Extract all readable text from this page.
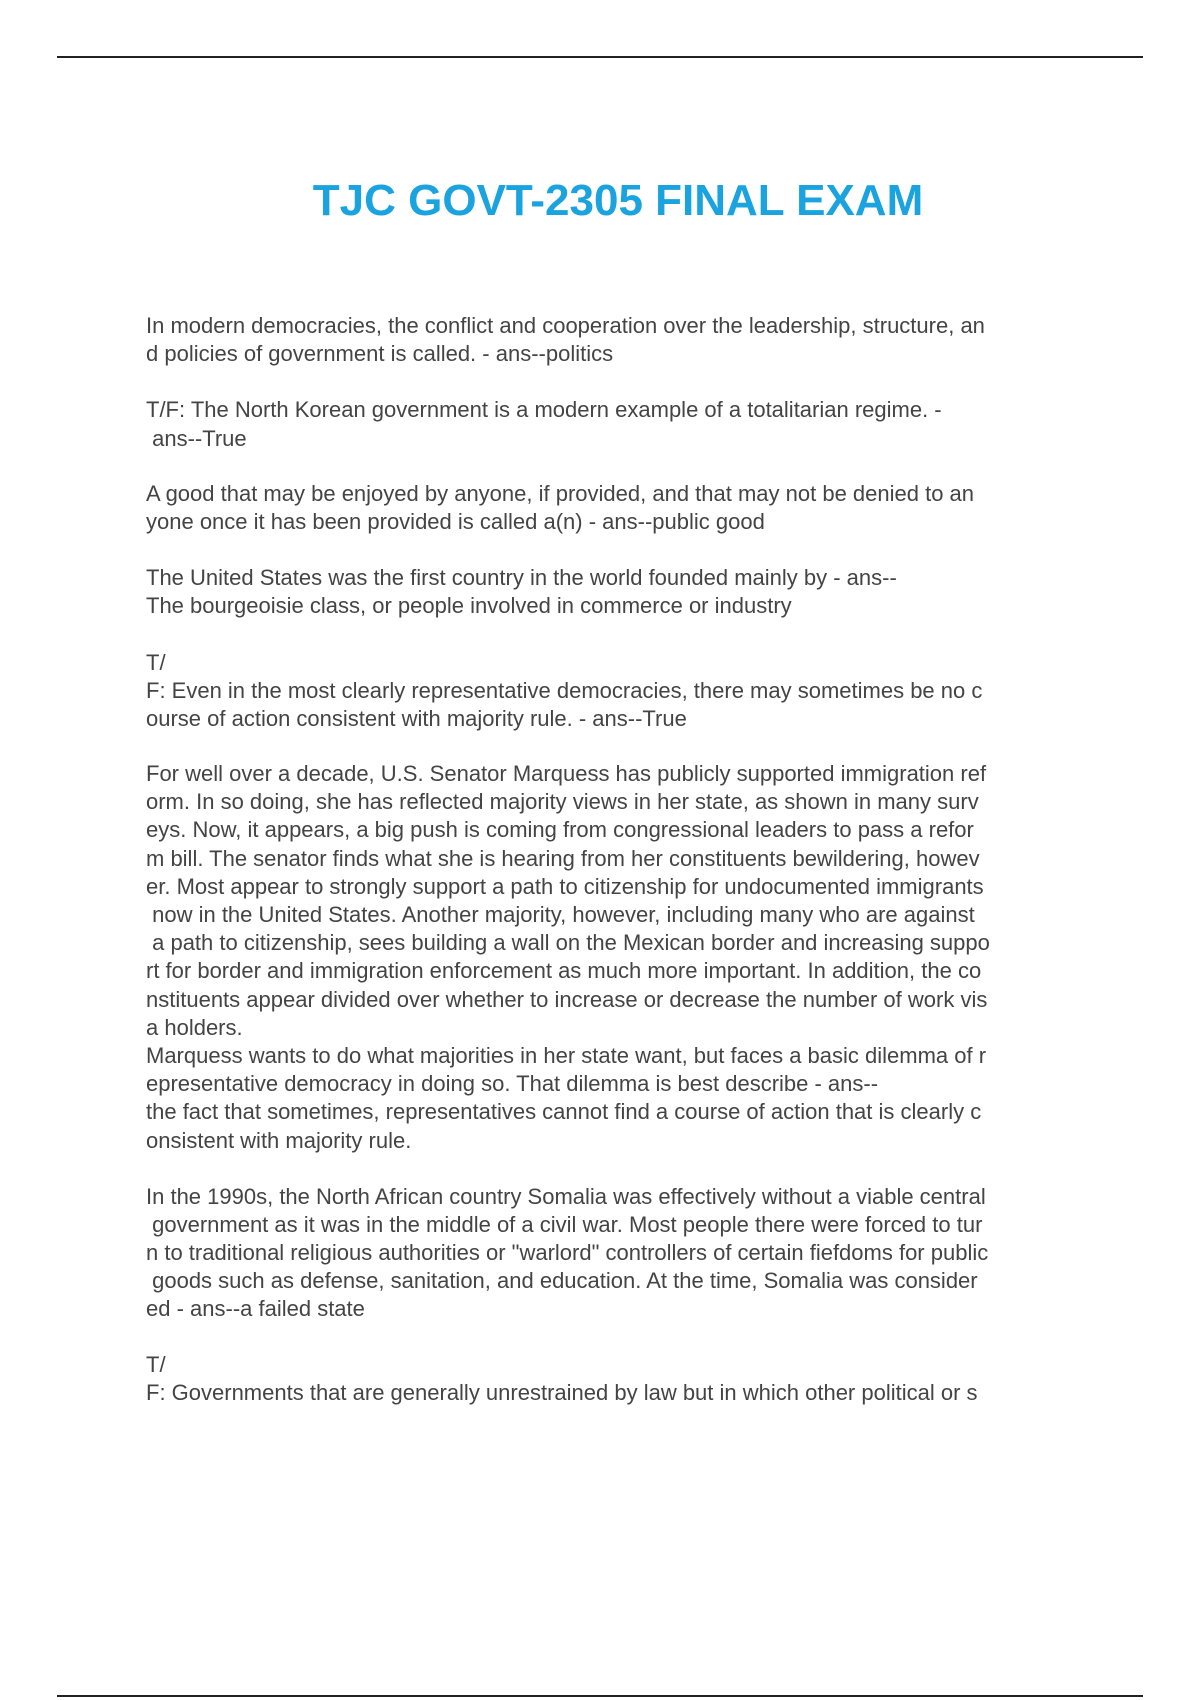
TJC GOVT-2305 FINAL EXAM
In modern democracies, the conflict and cooperation over the leadership, structure, an
d policies of government is called. - ans--politics
T/F: The North Korean government is a modern example of a totalitarian regime. -
ans--True
A good that may be enjoyed by anyone, if provided, and that may not be denied to an
yone once it has been provided is called a(n) - ans--public good
The United States was the first country in the world founded mainly by - ans--
The bourgeoisie class, or people involved in commerce or industry
T/
F: Even in the most clearly representative democracies, there may sometimes be no c
ourse of action consistent with majority rule. - ans--True
For well over a decade, U.S. Senator Marquess has publicly supported immigration ref
orm. In so doing, she has reflected majority views in her state, as shown in many surv
eys. Now, it appears, a big push is coming from congressional leaders to pass a refor
m bill. The senator finds what she is hearing from her constituents bewildering, howev
er. Most appear to strongly support a path to citizenship for undocumented immigrants
now in the United States. Another majority, however, including many who are against
a path to citizenship, sees building a wall on the Mexican border and increasing suppo
rt for border and immigration enforcement as much more important. In addition, the co
nstituents appear divided over whether to increase or decrease the number of work vis
a holders.
Marquess wants to do what majorities in her state want, but faces a basic dilemma of r
epresentative democracy in doing so. That dilemma is best describe - ans--
the fact that sometimes, representatives cannot find a course of action that is clearly c
onsistent with majority rule.
In the 1990s, the North African country Somalia was effectively without a viable central
government as it was in the middle of a civil war. Most people there were forced to tur
n to traditional religious authorities or "warlord" controllers of certain fiefdoms for public
goods such as defense, sanitation, and education. At the time, Somalia was consider
ed - ans--a failed state
T/
F: Governments that are generally unrestrained by law but in which other political or s
